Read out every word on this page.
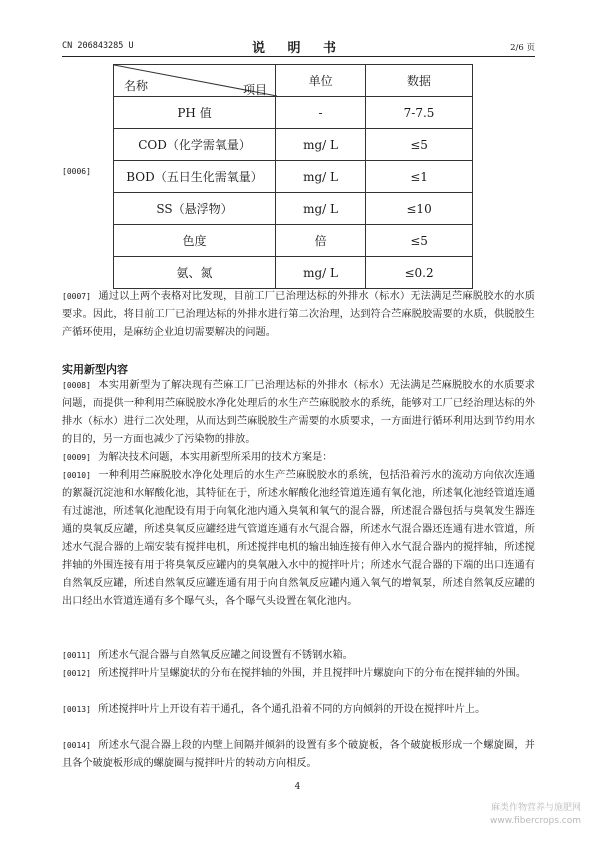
CN 206843285 U	说 明 书	2/6 页
[0006]
名称 项目	单位	数据
PH 值	-	7-7.5
COD（化学需氧量）	mg/ L	≤5
BOD（五日生化需氧量）	mg/ L	≤1
SS（悬浮物）	mg/ L	≤10
色度	倍	≤5
氨、氮	mg/ L	≤0.2
[0007] 通过以上两个表格对比发现，目前工厂已治理达标的外排水（标水）无法满足苎麻脱胶水的水质要求。因此，将目前工厂已治理达标的外排水进行第二次治理，达到符合苎麻脱胶需要的水质，供脱胶生产循环使用，是麻纺企业迫切需要解决的问题。
实用新型内容
[0008] 本实用新型为了解决现有苎麻工厂已治理达标的外排水（标水）无法满足苎麻脱胶水的水质要求问题，而提供一种利用苎麻脱胶水净化处理后的水生产苎麻脱胶水的系统，能够对工厂已经治理达标的外排水（标水）进行二次处理，从而达到苎麻脱胶生产需要的水质要求，一方面进行循环利用达到节约用水的目的，另一方面也减少了污染物的排放。
[0009] 为解决技术问题，本实用新型所采用的技术方案是：
[0010] 一种利用苎麻脱胶水净化处理后的水生产苎麻脱胶水的系统，包括沿着污水的流动方向依次连通的絮凝沉淀池和水解酸化池，其特征在于，所述水解酸化池经管道连通有氧化池，所述氧化池经管道连通有过滤池，所述氧化池配设有用于向氧化池内通入臭氧和氧气的混合器，所述混合器包括与臭氧发生器连通的臭氧反应罐，所述臭氧反应罐经进气管道连通有水气混合器，所述水气混合器还连通有进水管道，所述水气混合器的上端安装有搅拌电机，所述搅拌电机的输出轴连接有伸入水气混合器内的搅拌轴，所述搅拌轴的外围连接有用于将臭氧反应罐内的臭氧融入水中的搅拌叶片；所述水气混合器的下端的出口连通有自然氧反应罐，所述自然氧反应罐连通有用于向自然氧反应罐内通入氧气的增氧泵，所述自然氧反应罐的出口经出水管道连通有多个曝气头，各个曝气头设置在氧化池内。
[0011] 所述水气混合器与自然氧反应罐之间设置有不锈钢水箱。
[0012] 所述搅拌叶片呈螺旋状的分布在搅拌轴的外围，并且搅拌叶片螺旋向下的分布在搅拌轴的外围。
[0013] 所述搅拌叶片上开设有若干通孔，各个通孔沿着不同的方向倾斜的开设在搅拌叶片上。
[0014] 所述水气混合器上段的内壁上间隔并倾斜的设置有多个破旋板，各个破旋板形成一个螺旋圈，并且各个破旋板形成的螺旋圈与搅拌叶片的转动方向相反。
4
麻类作物营养与施肥网
www.fibercrops.com
